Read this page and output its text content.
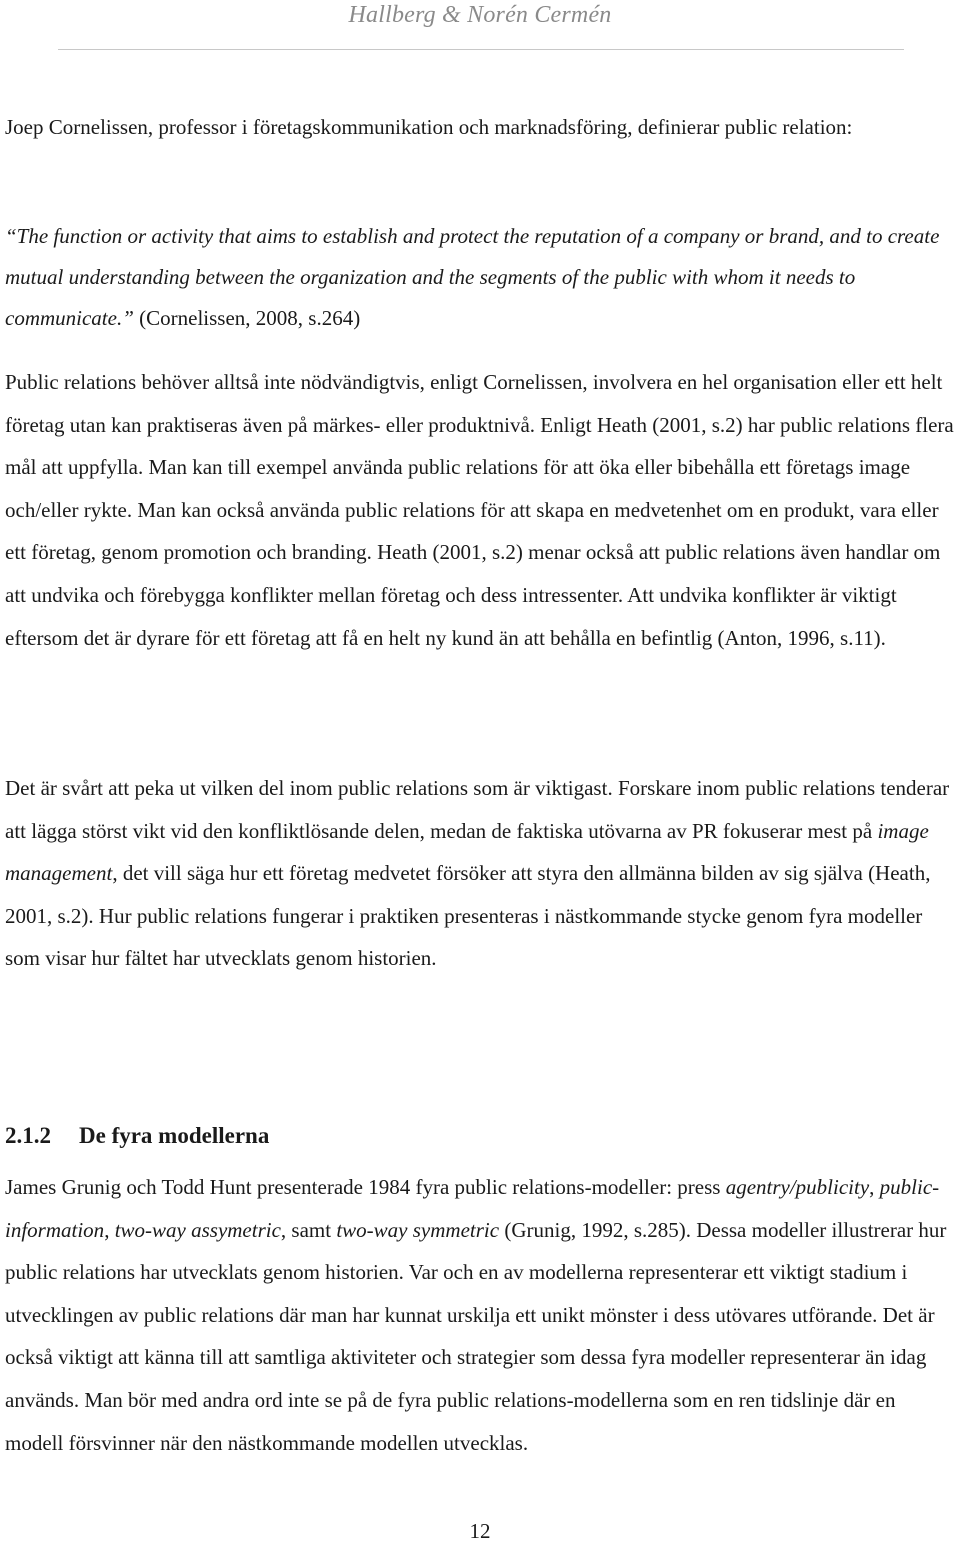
Hallberg & Norén Cermén

Joep Cornelissen, professor i företagskommunikation och marknadsföring, definierar public relation:

“The function or activity that aims to establish and protect the reputation of a company or brand, and to create mutual understanding between the organization and the segments of the public with whom it needs to communicate.” (Cornelissen, 2008, s.264)

Public relations behöver alltså inte nödvändigtvis, enligt Cornelissen, involvera en hel organisation eller ett helt företag utan kan praktiseras även på märkes- eller produktnivå. Enligt Heath (2001, s.2) har public relations flera mål att uppfylla. Man kan till exempel använda public relations för att öka eller bibehålla ett företags image och/eller rykte. Man kan också använda public relations för att skapa en medvetenhet om en produkt, vara eller ett företag, genom promotion och branding. Heath (2001, s.2) menar också att public relations även handlar om att undvika och förebygga konflikter mellan företag och dess intressenter. Att undvika konflikter är viktigt eftersom det är dyrare för ett företag att få en helt ny kund än att behålla en befintlig (Anton, 1996, s.11).

Det är svårt att peka ut vilken del inom public relations som är viktigast. Forskare inom public relations tenderar att lägga störst vikt vid den konfliktlösande delen, medan de faktiska utövarna av PR fokuserar mest på image management, det vill säga hur ett företag medvetet försöker att styra den allmänna bilden av sig själva (Heath, 2001, s.2). Hur public relations fungerar i praktiken presenteras i nästkommande stycke genom fyra modeller som visar hur fältet har utvecklats genom historien.

2.1.2 De fyra modellerna

James Grunig och Todd Hunt presenterade 1984 fyra public relations-modeller: press agentry/publicity, public-information, two-way assymetric, samt two-way symmetric (Grunig, 1992, s.285). Dessa modeller illustrerar hur public relations har utvecklats genom historien. Var och en av modellerna representerar ett viktigt stadium i utvecklingen av public relations där man har kunnat urskilja ett unikt mönster i dess utövares utförande. Det är också viktigt att känna till att samtliga aktiviteter och strategier som dessa fyra modeller representerar än idag används. Man bör med andra ord inte se på de fyra public relations-modellerna som en ren tidslinje där en modell försvinner när den nästkommande modellen utvecklas.

12
